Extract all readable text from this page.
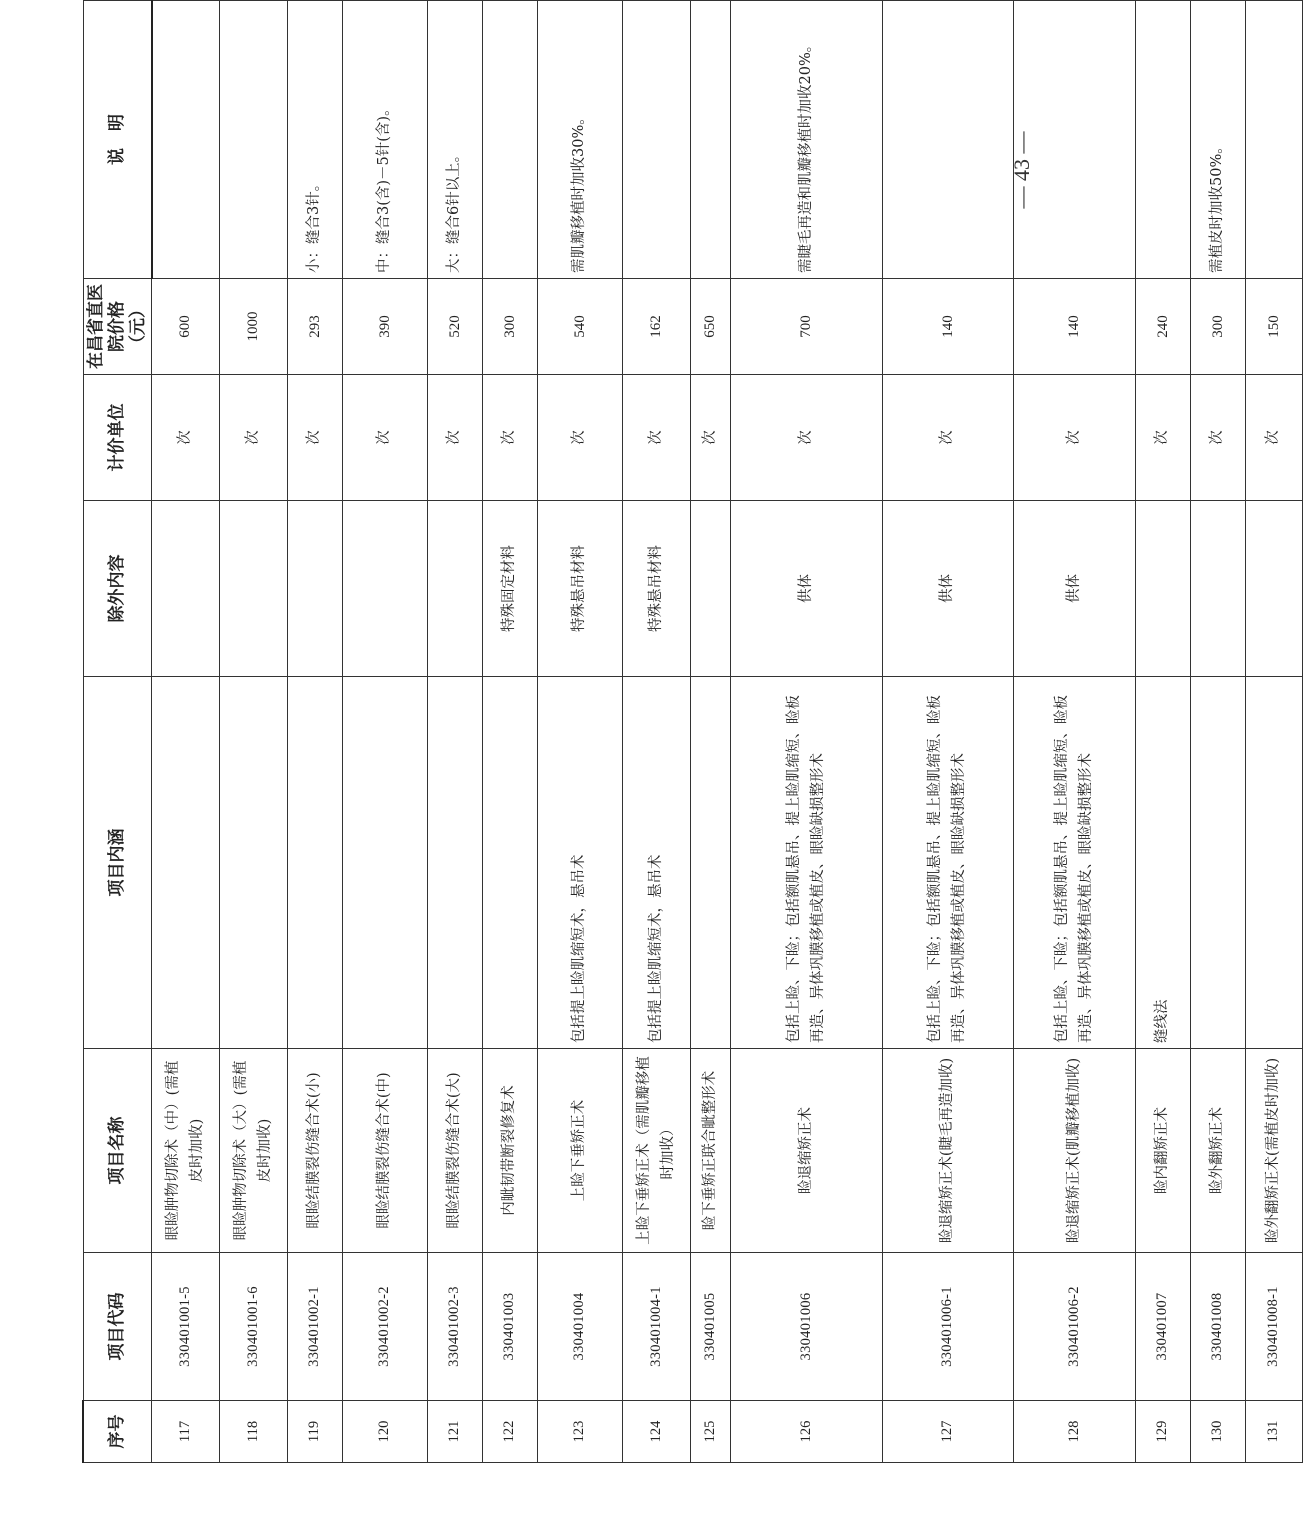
序号	项目代码	项目名称	项目内涵	除外内容	计价单位	在昌省直医院价格（元）	说　明
117	330401001-5	眼睑肿物切除术（中）(需植皮时加收)			次	600	
118	330401001-6	眼睑肿物切除术（大）(需植皮时加收)			次	1000	
119	330401002-1	眼睑结膜裂伤缝合术(小)			次	293	小：缝合3针。
120	330401002-2	眼睑结膜裂伤缝合术(中)			次	390	中：缝合3(含)－5针(含)。
121	330401002-3	眼睑结膜裂伤缝合术(大)			次	520	大：缝合6针以上。
122	330401003	内眦韧带断裂修复术		特殊固定材料	次	300	
123	330401004	上睑下垂矫正术	包括提上睑肌缩短术，悬吊术	特殊悬吊材料	次	540	需肌瓣移植时加收30%。
124	330401004-1	上睑下垂矫正术（需肌瓣移植时加收）	包括提上睑肌缩短术，悬吊术	特殊悬吊材料	次	162	
125	330401005	睑下垂矫正联合眦整形术			次	650	
126	330401006	睑退缩矫正术	包括上睑、下睑；包括额肌悬吊、提上睑肌缩短、睑板再造、异体巩膜移植或植皮、眼睑缺损整形术	供体	次	700	需睫毛再造和肌瓣移植时加收20%。
127	330401006-1	睑退缩矫正术(睫毛再造加收)	包括上睑、下睑；包括额肌悬吊、提上睑肌缩短、睑板再造、异体巩膜移植或植皮、眼睑缺损整形术	供体	次	140	
128	330401006-2	睑退缩矫正术(肌瓣移植加收)	包括上睑、下睑；包括额肌悬吊、提上睑肌缩短、睑板再造、异体巩膜移植或植皮、眼睑缺损整形术	供体	次	140	
129	330401007	睑内翻矫正术	缝线法		次	240	
130	330401008	睑外翻矫正术			次	300	需植皮时加收50%。
131	330401008-1	睑外翻矫正术(需植皮时加收)			次	150	
— 43 —
